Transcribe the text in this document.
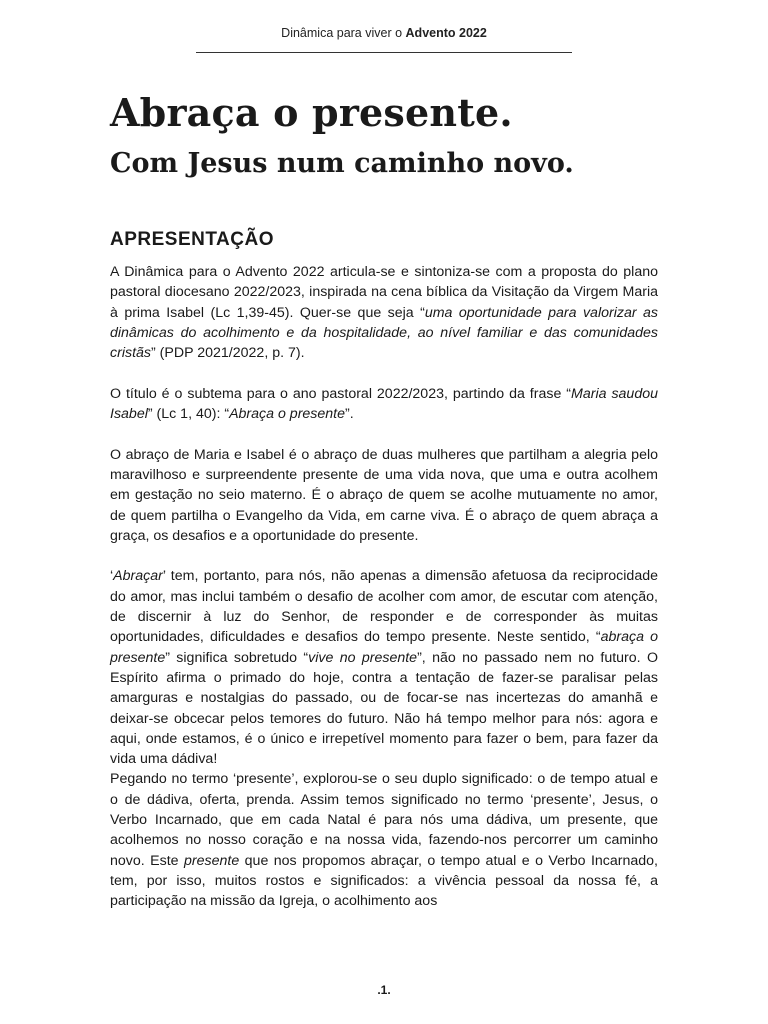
Dinâmica para viver o Advento 2022
Abraça o presente.
Com Jesus num caminho novo.
APRESENTAÇÃO

A Dinâmica para o Advento 2022 articula-se e sintoniza-se com a proposta do plano pastoral diocesano 2022/2023, inspirada na cena bíblica da Visitação da Virgem Maria à prima Isabel (Lc 1,39-45). Quer-se que seja “uma oportunidade para valorizar as dinâmicas do acolhimento e da hospitalidade, ao nível familiar e das comunidades cristãs” (PDP 2021/2022, p. 7).

O título é o subtema para o ano pastoral 2022/2023, partindo da frase “Maria saudou Isabel” (Lc 1, 40): “Abraça o presente”.

O abraço de Maria e Isabel é o abraço de duas mulheres que partilham a alegria pelo maravilhoso e surpreendente presente de uma vida nova, que uma e outra acolhem em gestação no seio materno. É o abraço de quem se acolhe mutuamente no amor, de quem partilha o Evangelho da Vida, em carne viva. É o abraço de quem abraça a graça, os desafios e a oportunidade do presente.

‘Abraçar’ tem, portanto, para nós, não apenas a dimensão afetuosa da reciprocidade do amor, mas inclui também o desafio de acolher com amor, de escutar com atenção, de discernir à luz do Senhor, de responder e de corresponder às muitas oportunidades, dificuldades e desafios do tempo presente. Neste sentido, “abraça o presente” significa sobretudo “vive no presente”, não no passado nem no futuro. O Espírito afirma o primado do hoje, contra a tentação de fazer-se paralisar pelas amarguras e nostalgias do passado, ou de focar-se nas incertezas do amanhã e deixar-se obcecar pelos temores do futuro. Não há tempo melhor para nós: agora e aqui, onde estamos, é o único e irrepetível momento para fazer o bem, para fazer da vida uma dádiva!

Pegando no termo ‘presente’, explorou-se o seu duplo significado: o de tempo atual e o de dádiva, oferta, prenda. Assim temos significado no termo ‘presente’, Jesus, o Verbo Incarnado, que em cada Natal é para nós uma dádiva, um presente, que acolhemos no nosso coração e na nossa vida, fazendo-nos percorrer um caminho novo. Este presente que nos propomos abraçar, o tempo atual e o Verbo Incarnado, tem, por isso, muitos rostos e significados: a vivência pessoal da nossa fé, a participação na missão da Igreja, o acolhimento aos

.1.
